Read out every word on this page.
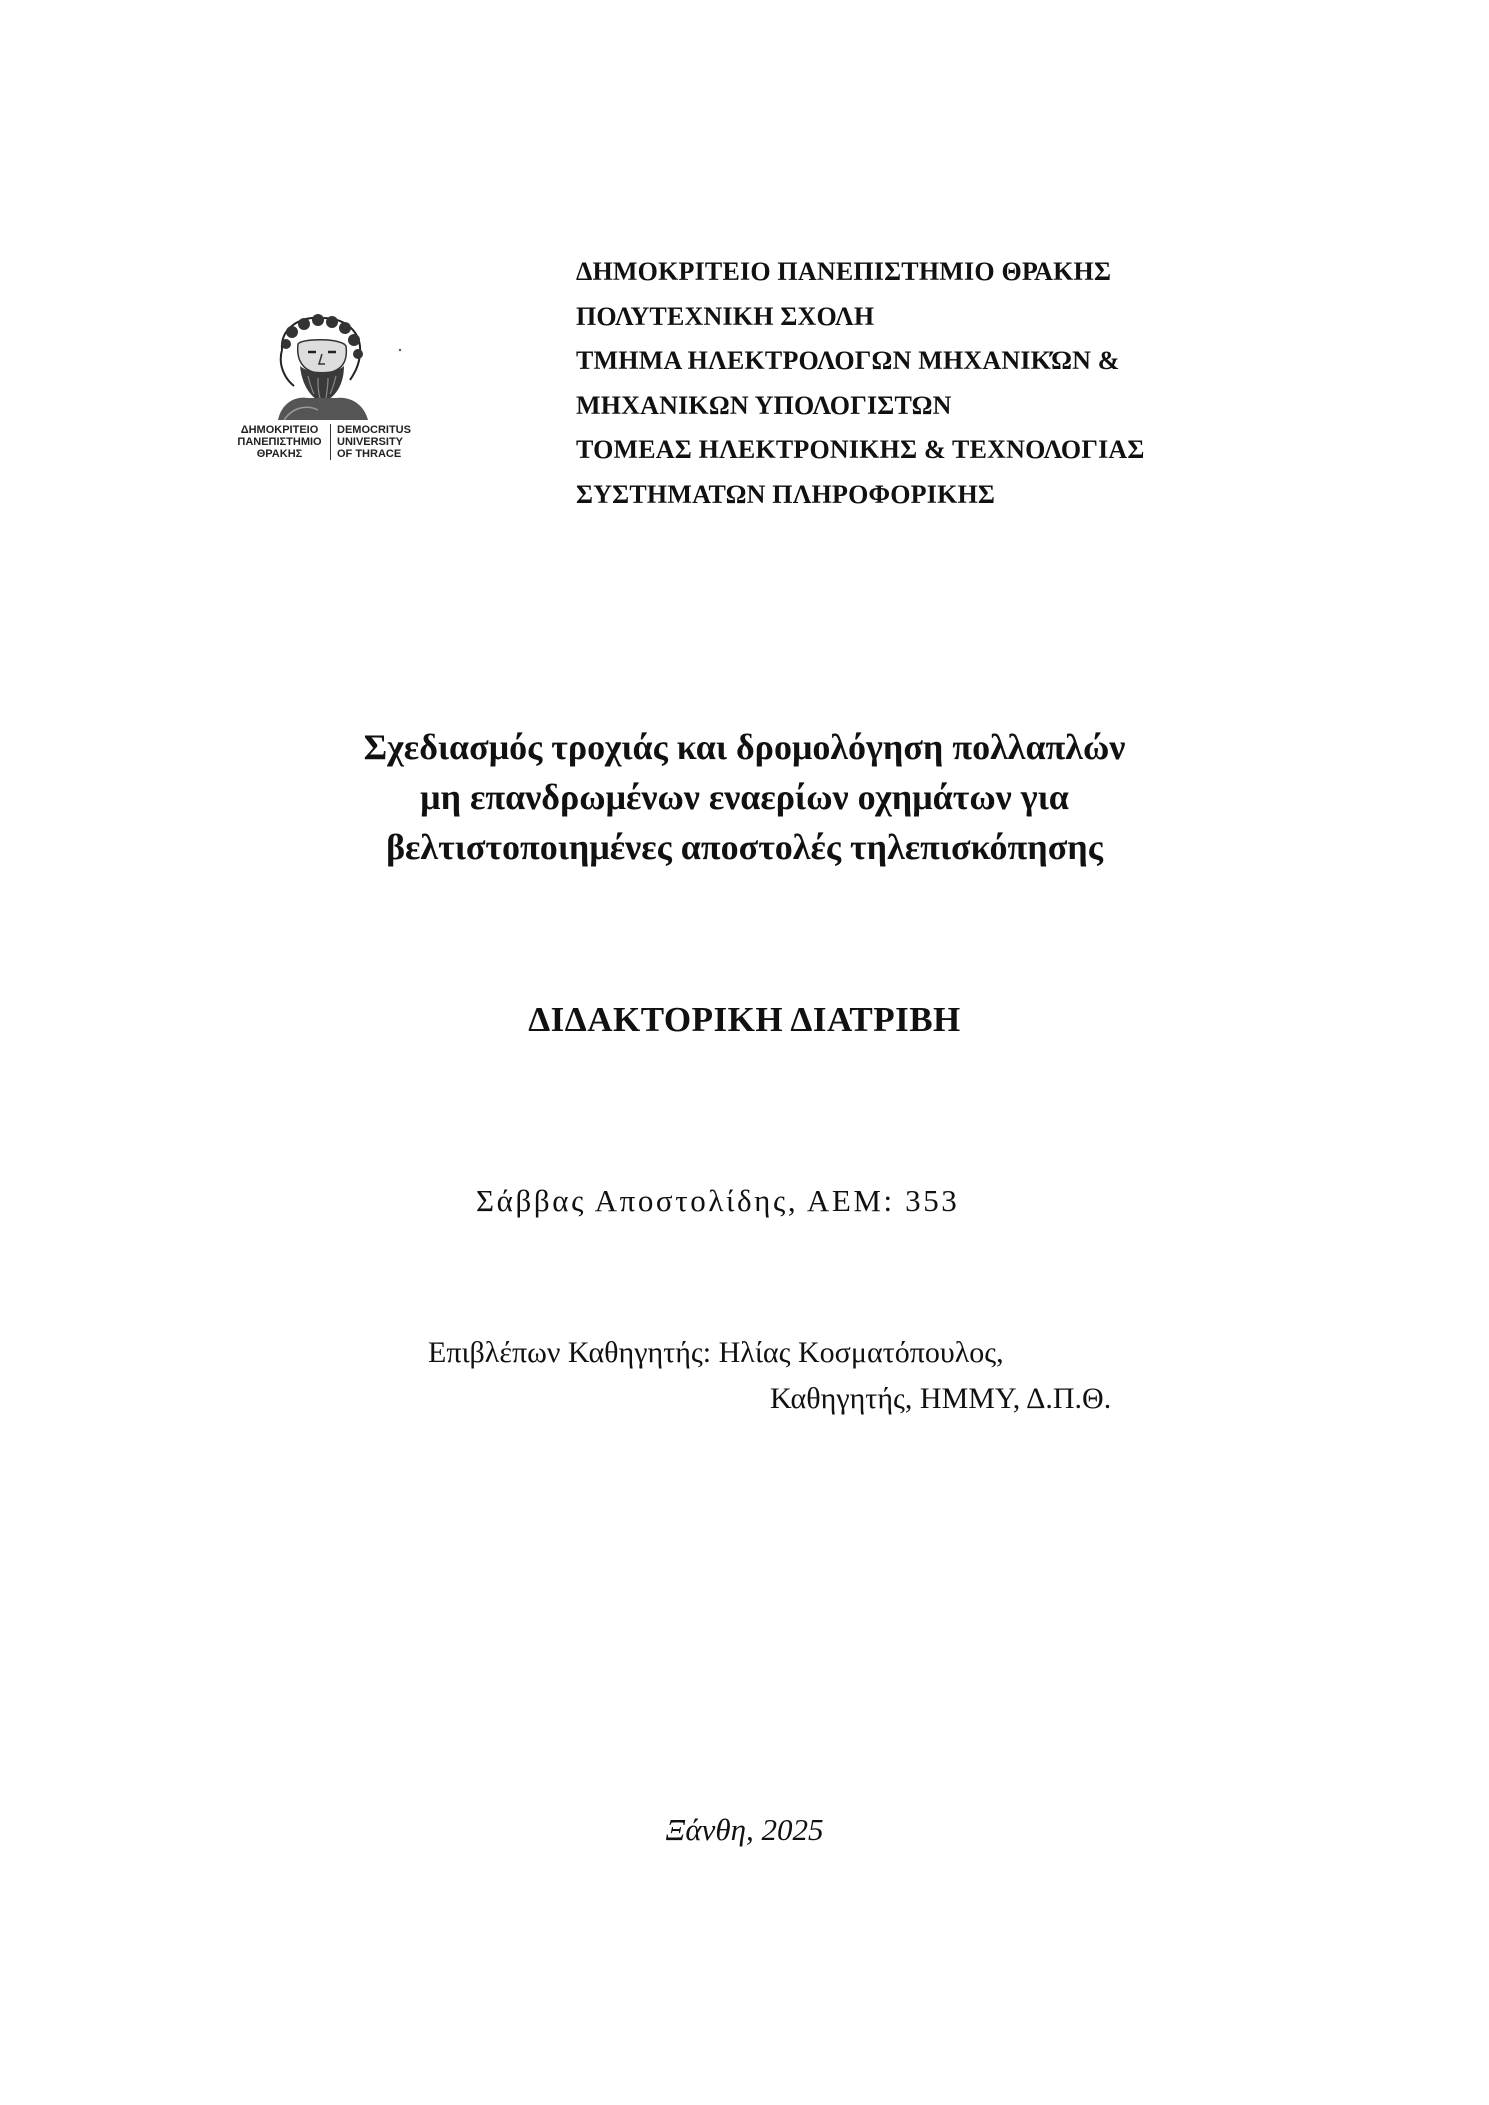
ΔΗΜΟΚΡΙΤΕΙΟ
ΠΑΝΕΠΙΣΤΗΜΙΟ
ΘΡΑΚΗΣ
DEMOCRITUS
UNIVERSITY
OF THRACE
ΔΗΜΟΚΡΙΤΕΙΟ ΠΑΝΕΠΙΣΤΗΜΙΟ ΘΡΑΚΗΣ
ΠΟΛΥΤΕΧΝΙΚΗ ΣΧΟΛΗ
ΤΜΗΜΑ ΗΛΕΚΤΡΟΛΟΓΩΝ ΜΗΧΑΝΙΚΏΝ &
ΜΗΧΑΝΙΚΩΝ ΥΠΟΛΟΓΙΣΤΩΝ
ΤΟΜΕΑΣ ΗΛΕΚΤΡΟΝΙΚΗΣ & ΤΕΧΝΟΛΟΓΙΑΣ
ΣΥΣΤΗΜΑΤΩΝ ΠΛΗΡΟΦΟΡΙΚΗΣ
Σχεδιασμός τροχιάς και δρομολόγηση πολλαπλών
μη επανδρωμένων εναερίων οχημάτων για
βελτιστοποιημένες αποστολές τηλεπισκόπησης
ΔΙΔΑΚΤΟΡΙΚΗ ΔΙΑΤΡΙΒΗ
Σάββας Αποστολίδης, ΑΕΜ: 353
Επιβλέπων Καθηγητής: Ηλίας Κοσματόπουλος,
Καθηγητής, ΗΜΜΥ, Δ.Π.Θ.
Ξάνθη, 2025
